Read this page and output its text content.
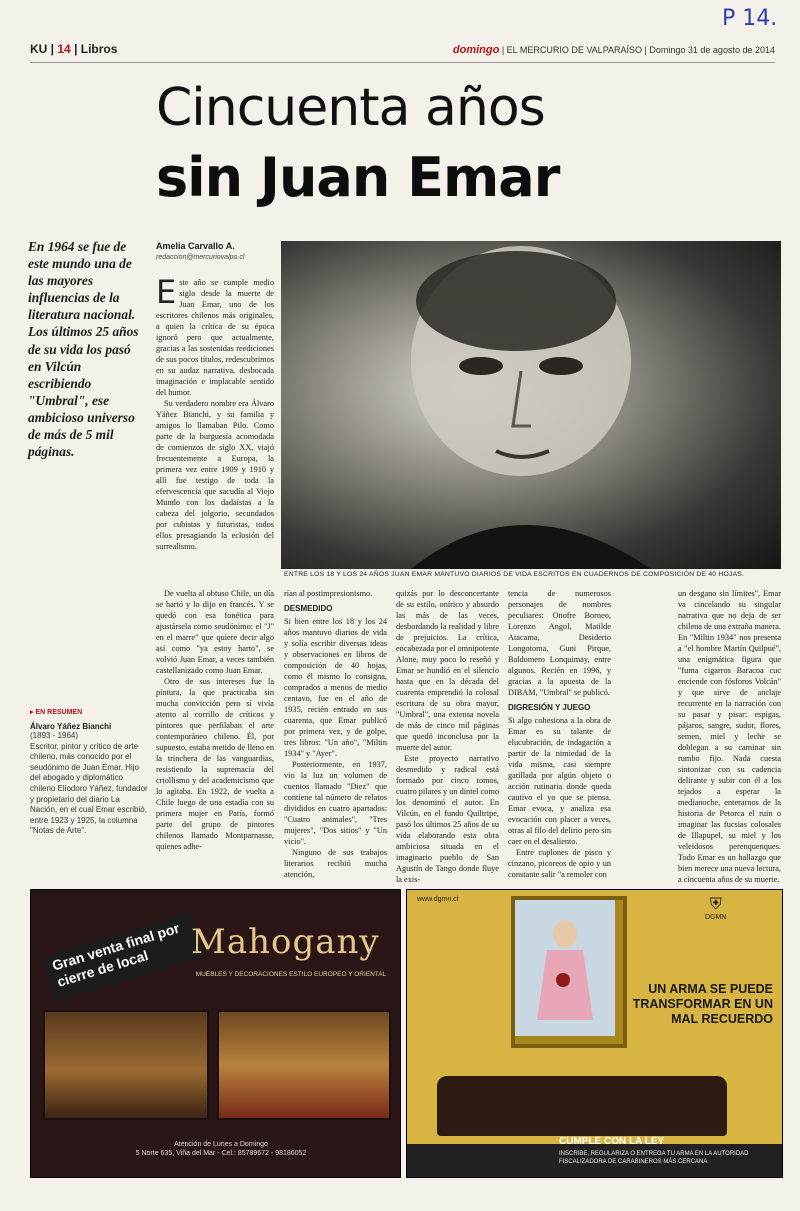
P 14.
KU | 14 | Libros	domingo | EL MERCURIO DE VALPARAÍSO | Domingo 31 de agosto de 2014
Cincuenta años
sin Juan Emar
En 1964 se fue de este mundo una de las mayores influencias de la literatura nacional. Los últimos 25 años de su vida los pasó en Vilcún escribiendo "Umbral", ese ambicioso universo de más de 5 mil páginas.
Amelia Carvallo A.
redaccion@mercuriovalpo.cl

Este año se cumple medio siglo desde la muerte de Juan Emar, uno de los escritores chilenos más originales, a quien la crítica de su época ignoró pero que actualmente, gracias a las sostenidas reediciones de sus pocos títulos, redescubrimos en su audaz narrativa, desbocada imaginación e implacable sentido del humor.

Su verdadero nombre era Álvaro Yáñez Bianchi, y su familia y amigos lo llamaban Pilo. Como parte de la burguesía acomodada de comienzos de siglo XX, viajó frecuentemente a Europa, la primera vez entre 1909 y 1910 y allí fue testigo de toda la efervescencia que sacudía al Viejo Mundo con los dadaístas a la cabeza del jolgorio, secundados por cubistas y futuristas, todos ellos presagiando la eclosión del surrealismo.

ENTRE LOS 18 Y LOS 24 AÑOS JUAN EMAR MANTUVO DIARIOS DE VIDA ESCRITOS EN CUADERNOS DE COMPOSICIÓN DE 40 HOJAS.

De vuelta al obtuso Chile, un día se hartó y lo dijo en francés. Y se quedó con esa fonética para ajustársela como seudónimo: el "J" en el marre" que quiere decir algo así como "ya estoy harto", se volvió Juan Emar, a veces también castellanizado como Juan Emar.

Otro de sus intereses fue la pintura, la que practicaba sin mucha convicción pero sí vivía atento al corrillo de críticos y pintores que perfilaban el arte contemporáneo chileno. Él, por supuesto, estaba metido de lleno en la trinchera de las vanguardias, resistiendo la supremacía del criollismo y del academicismo que lo agitaba. En 1922, de vuelta a Chile luego de una estadía con su primera mujer en París, formó parte del grupo de pintores chilenos llamado Montparnasse, quienes adhe-

rían al postimpresionismo.

DESMEDIDO

Si bien entre los 18 y los 24 años mantuvo diarios de vida y solía escribir diversas ideas y observaciones en libros de composición de 40 hojas, como él mismo lo consigna, comprados a menos de medio centavo, fue en el año de 1935, recién entrado en sus cuarenta, que Emar publicó por primera vez, y de golpe, tres libros: "Un año", "Miltin 1934" y "Ayer".

Posteriormente, en 1937, vio la luz un volumen de cuentos llamado "Diez" que contiene tal número de relatos divididos en cuatro apartados: "Cuatro animales", "Tres mujeres", "Dos sitios" y "Un vicio".

Ninguno de sus trabajos literarios recibió mucha atención,

quizás por lo desconcertante de su estilo, onírico y absurdo las más de las veces, desbordando la realidad y libre de prejuicios. La crítica, encabezada por el omnipotente Alone, muy poco lo reseñó y Emar se hundió en el silencio hasta que en la década del cuarenta emprendió la colosal escritura de su obra mayor, "Umbral", una extensa novela de más de cinco mil páginas que quedó inconclusa por la muerte del autor.

Este proyecto narrativo desmedido y radical está formado por cinco tomos, cuatro pilares y un dintel como los denominó el autor. En Vilcún, en el fundo Quiltripe, pasó los últimos 25 años de su vida elaborando esta obra ambiciosa situada en el imaginario pueblo de San Agustín de Tango donde fluye la exis-

tencia de numerosos personajes de nombres peculiares: Onofre Borneo, Lorenzo Angol, Matilde Atacama, Desiderio Longotoma, Guni Pirque, Baldomero Lonquimay, entre algunos. Recién en 1996, y gracias a la apuesta de la DIBAM, "Umbral" se publicó.

DIGRESIÓN Y JUEGO

Si algo cohesiona a la obra de Emar es su talante de elucubración, de indagación a partir de la nimiedad de la vida misma, casi siempre gatillada por algún objeto o acción rutinaria donde queda cautivo el yo que se piensa. Emar evoca, y analiza esa evocación con placer a veces, otras al filo del delirio pero sin caer en el desaliento.

Entre cuplones de pisco y cinzano, picoreos de opio y un constante salir "a remoler con

un desgano sin límites", Emar va cincelando su singular narrativa que no deja de ser chilena de una extraña manera. En "Miltin 1934" nos presenta a "el hombre Martín Quilpué", una enigmática figura que "fuma cigarros Baracoa cuc enciende con fósforos Volcán" y que sirve de anclaje recurrente en la narración con su pasar y pisar: espigas, pájaros, sangre, sudor, flores, semen, miel y leche se doblegan a su caminar sin rumbo fijo. Nada cuesta sintonizar con su cadencia delirante y subir con él a los tejados a esperar la medianoche, enterarnos de la historia de Petorca el ruin o imaginar las fucsias colosales de Illapupel, su miel y los veleidosos perenquenques. Todo Emar es un hallazgo que bien merece una nueva lectura, a cincuenta años de su muerte.

▸ EN RESUMEN
Álvaro Yáñez Bianchi
(1893 - 1964)
Escritor, pintor y crítico de arte chileno, más conocido por el seudónimo de Juan Emar. Hijo del abogado y diplomático chileno Eliodoro Yáñez, fundador y propietario del diario La Nación, en el cual Emar escribió, entre 1923 y 1925, la columna "Notas de Arte".
Gran venta final por cierre de local
Mahogany
MUEBLES Y DECORACIONES ESTILO EUROPEO Y ORIENTAL
Atención de Lunes a Domingo
5 Norte 635, Viña del Mar - Cel.: 85789672 - 98186052
www.dgmn.cl	⛨
DGMN
UN ARMA SE PUEDE TRANSFORMAR EN UN MAL RECUERDO
CUMPLE CON LA LEY
INSCRIBE, REGULARIZA O ENTREGA TU ARMA EN LA AUTORIDAD FISCALIZADORA DE CARABINEROS MÁS CERCANA
